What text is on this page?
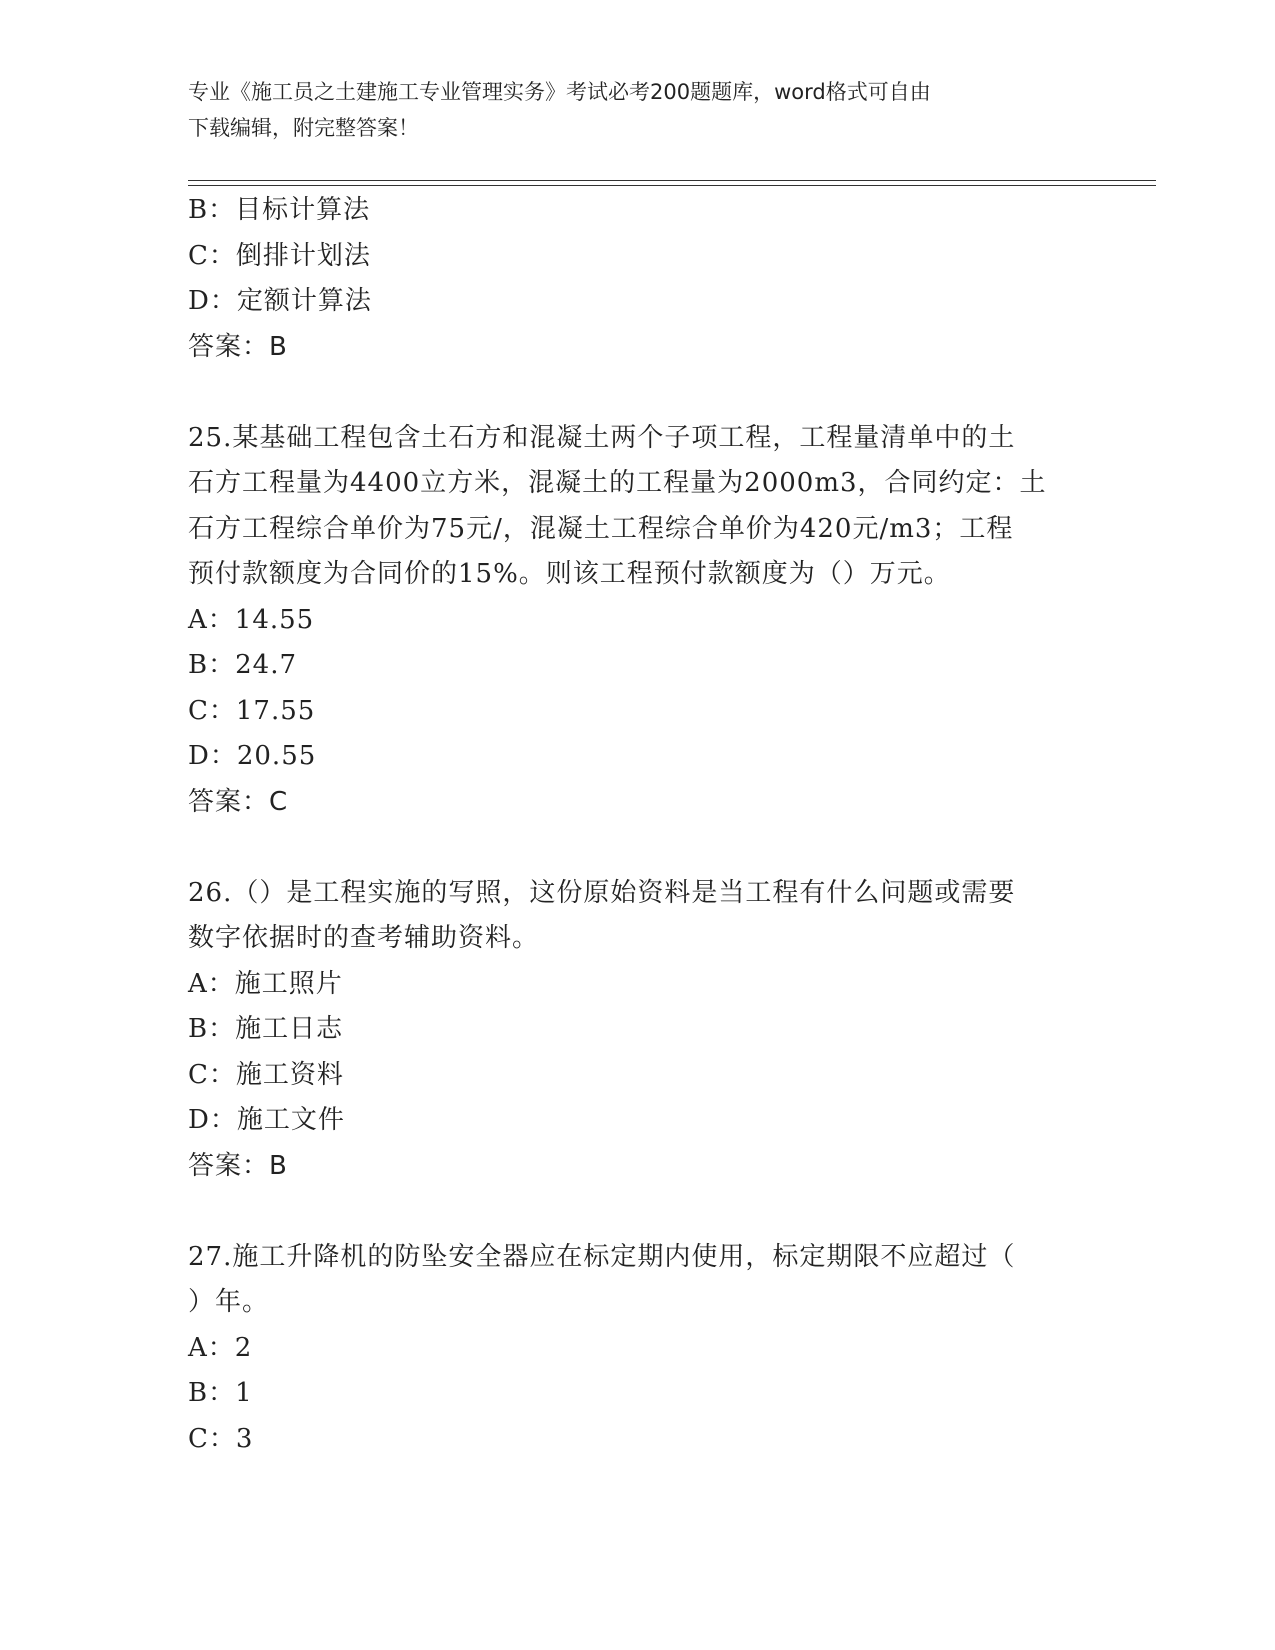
专业《施工员之土建施工专业管理实务》考试必考200题题库，word格式可自由
下载编辑，附完整答案！
B：目标计算法
C：倒排计划法
D：定额计算法
答案：B
25.某基础工程包含土石方和混凝土两个子项工程，工程量清单中的土
石方工程量为4400立方米，混凝土的工程量为2000m3，合同约定：土
石方工程综合单价为75元/，混凝土工程综合单价为420元/m3；工程
预付款额度为合同价的15%。则该工程预付款额度为（）万元。
A：14.55
B：24.7
C：17.55
D：20.55
答案：C
26.（）是工程实施的写照，这份原始资料是当工程有什么问题或需要
数字依据时的查考辅助资料。
A：施工照片
B：施工日志
C：施工资料
D：施工文件
答案：B
27.施工升降机的防坠安全器应在标定期内使用，标定期限不应超过（
）年。
A：2
B：1
C：3
